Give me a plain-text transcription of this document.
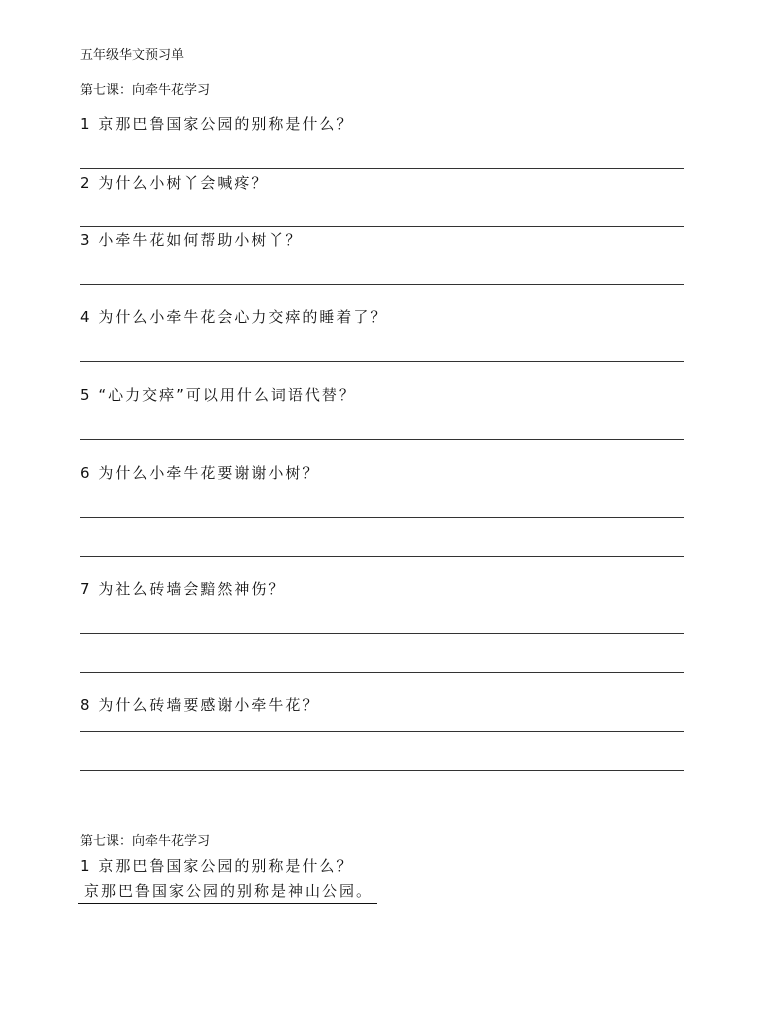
五年级华文预习单
第七课：向牵牛花学习
1 京那巴鲁国家公园的别称是什么？
2 为什么小树丫会喊疼？
3 小牵牛花如何帮助小树丫？
4 为什么小牵牛花会心力交瘁的睡着了？
5 “心力交瘁”可以用什么词语代替？
6 为什么小牵牛花要谢谢小树？
7 为社么砖墙会黯然神伤？
8 为什么砖墙要感谢小牵牛花？
第七课：向牵牛花学习
1 京那巴鲁国家公园的别称是什么？
京那巴鲁国家公园的别称是神山公园。
